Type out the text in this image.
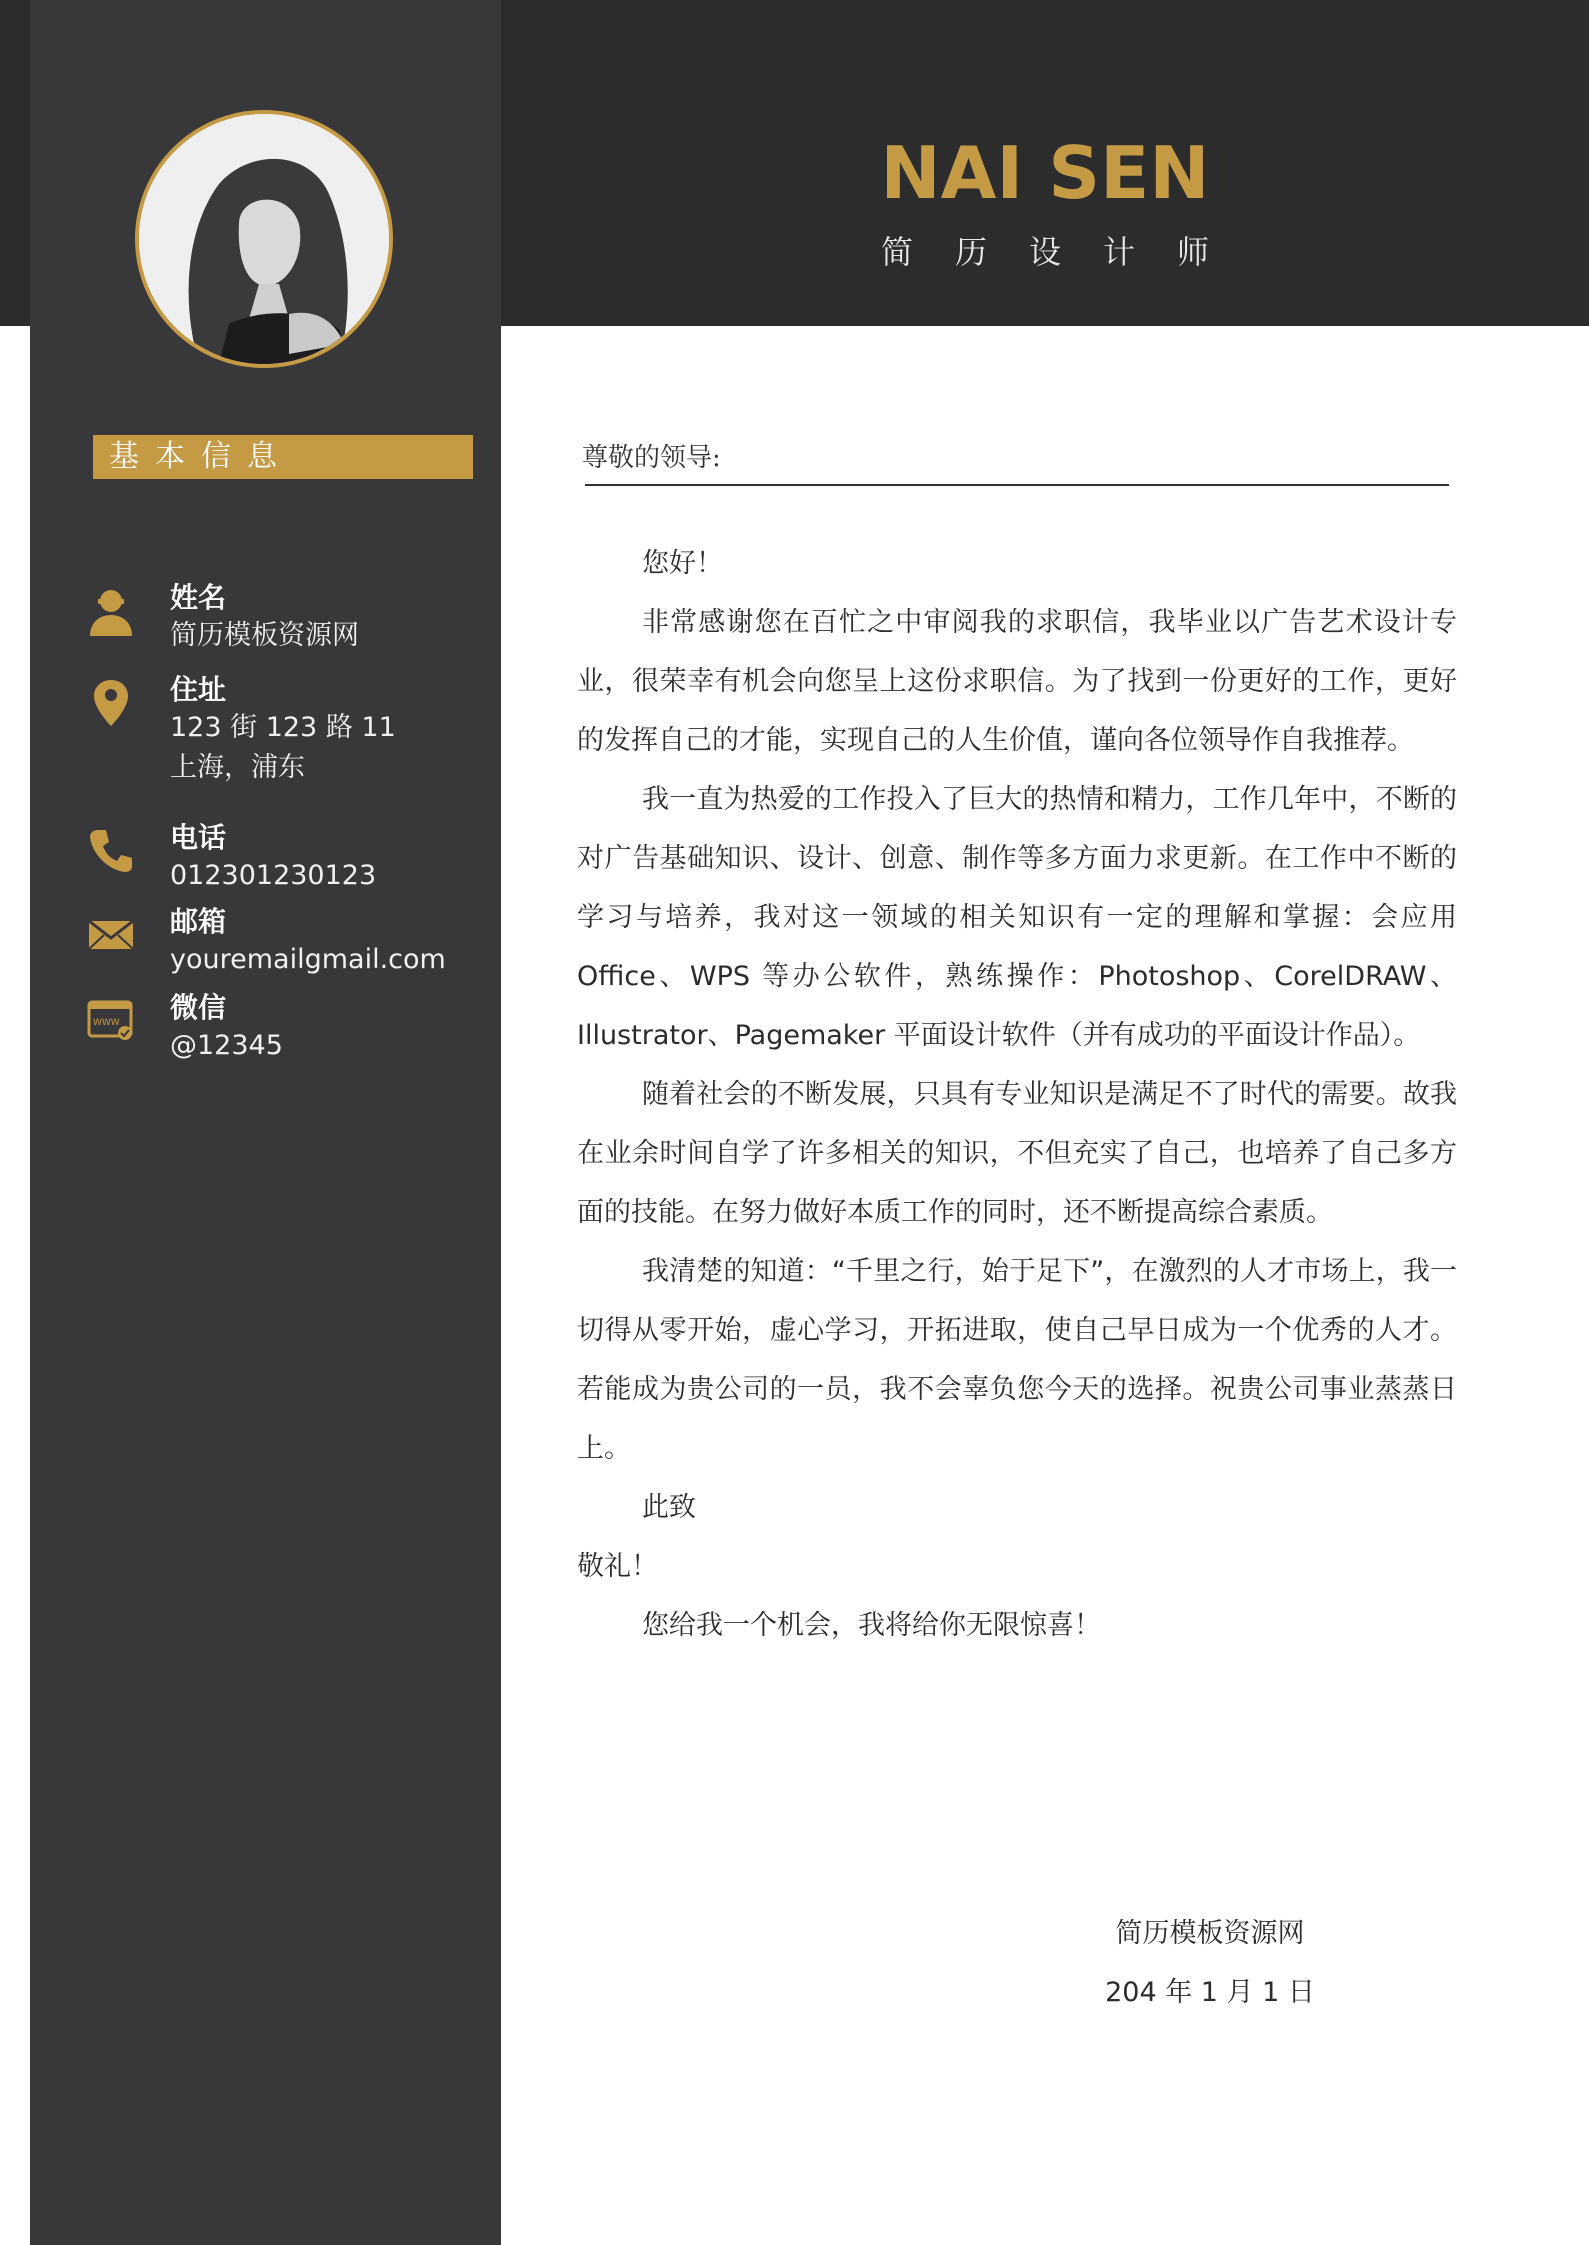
NAI SEN
简历设计师
基本信息
姓名
简历模板资源网
住址
123 街 123 路 11
上海，浦东
电话
012301230123
邮箱
youremailgmail.com
WWW 微信
@12345
尊敬的领导:

您好！

非常感谢您在百忙之中审阅我的求职信，我毕业以广告艺术设计专业，很荣幸有机会向您呈上这份求职信。为了找到一份更好的工作，更好的发挥自己的才能，实现自己的人生价值，谨向各位领导作自我推荐。

我一直为热爱的工作投入了巨大的热情和精力，工作几年中，不断的对广告基础知识、设计、创意、制作等多方面力求更新。在工作中不断的学习与培养，我对这一领域的相关知识有一定的理解和掌握：会应用 Office、WPS 等办公软件，熟练操作：Photoshop、CorelDRAW、Illustrator、Pagemaker 平面设计软件（并有成功的平面设计作品）。

随着社会的不断发展，只具有专业知识是满足不了时代的需要。故我在业余时间自学了许多相关的知识，不但充实了自己，也培养了自己多方面的技能。在努力做好本质工作的同时，还不断提高综合素质。

我清楚的知道：“千里之行，始于足下”，在激烈的人才市场上，我一切得从零开始，虚心学习，开拓进取，使自己早日成为一个优秀的人才。若能成为贵公司的一员，我不会辜负您今天的选择。祝贵公司事业蒸蒸日上。

此致

敬礼！

您给我一个机会，我将给你无限惊喜！

简历模板资源网
204 年 1 月 1 日
